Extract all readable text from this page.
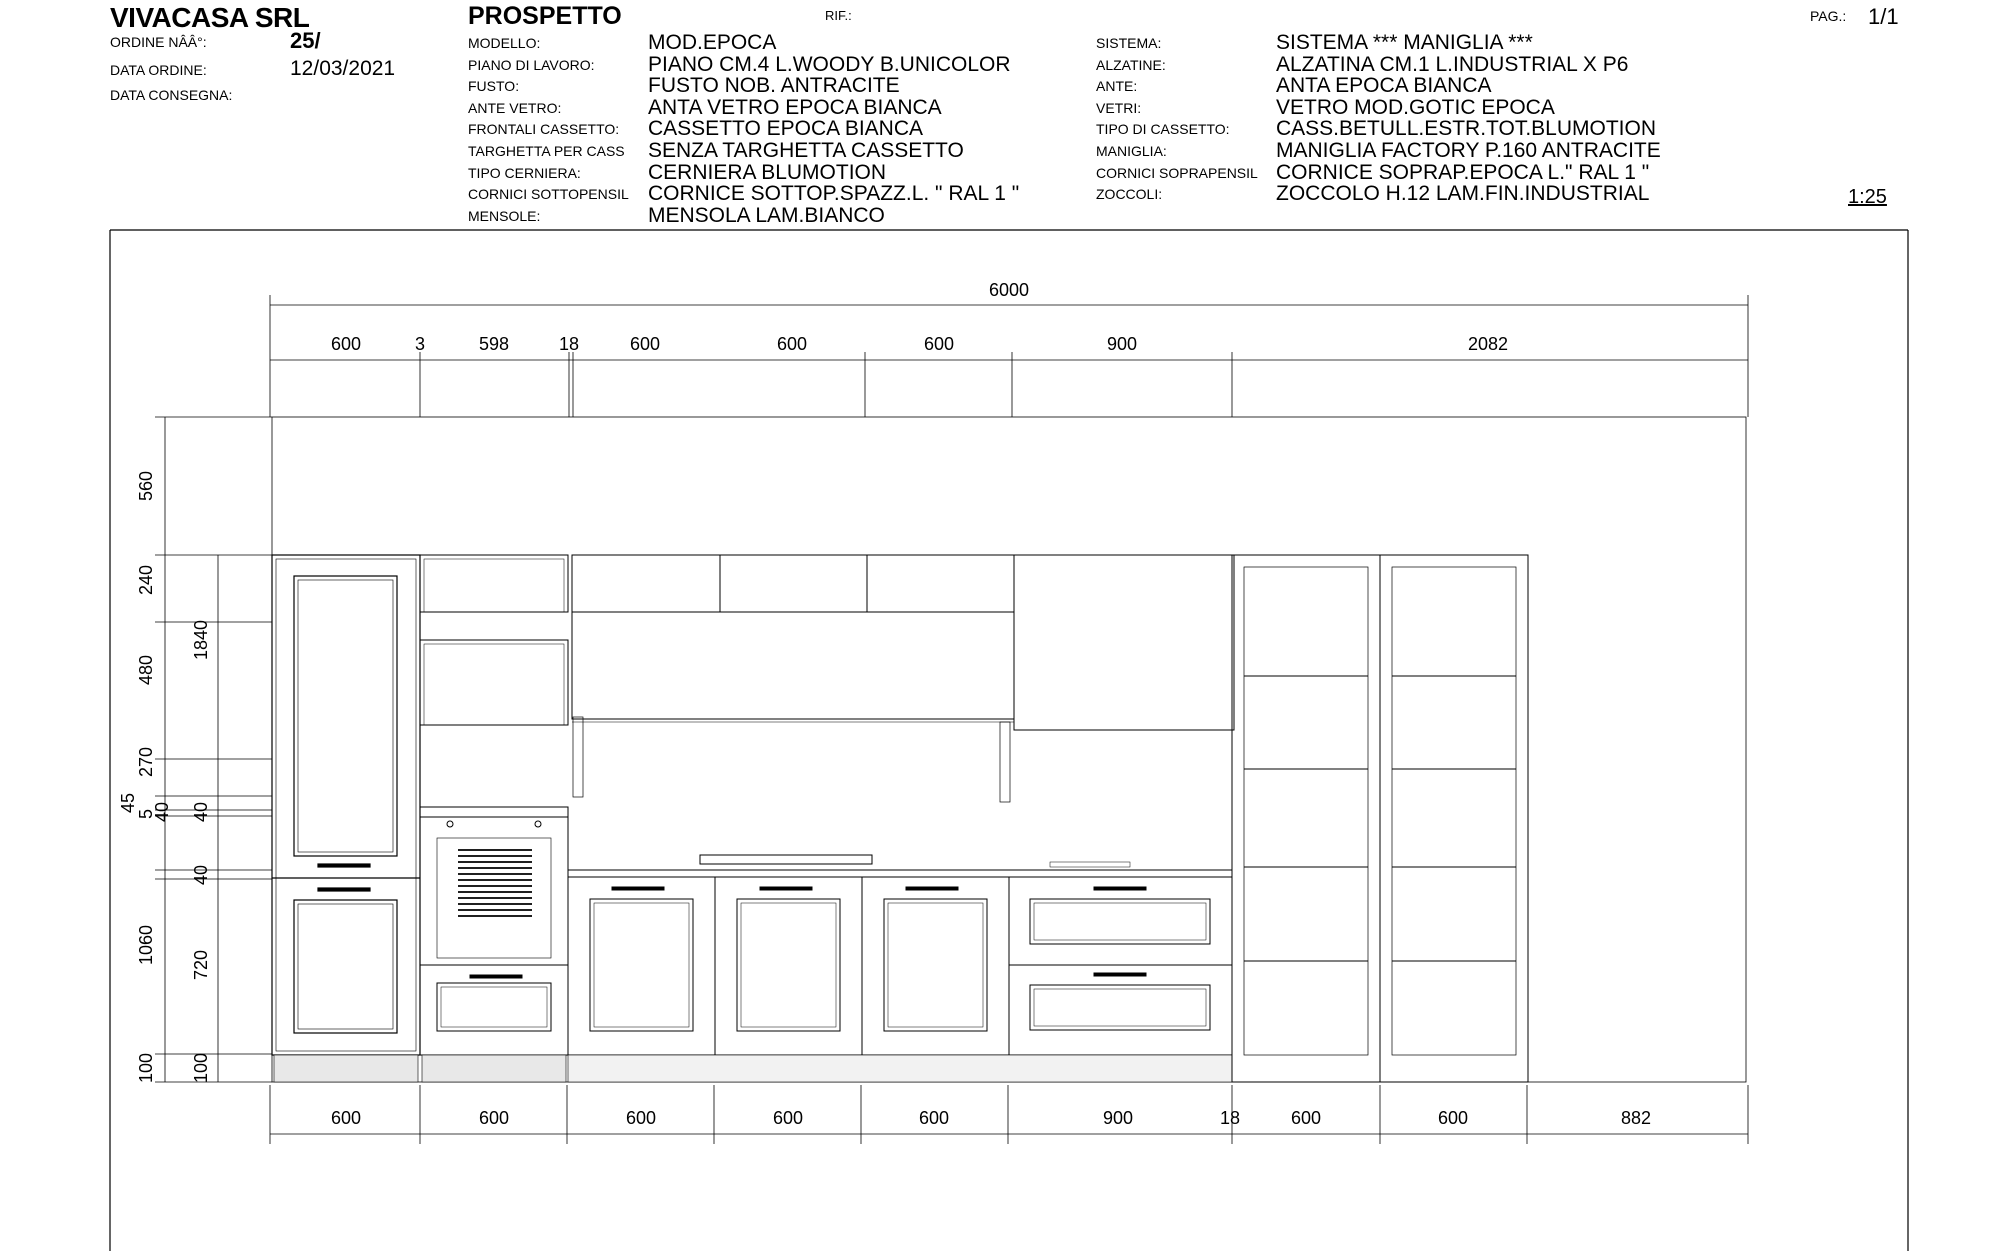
VIVACASA SRL	PROSPETTO	RIF.:	PAG.: 1/1
ORDINE NÂÂ°:	25/
DATA ORDINE:	12/03/2021
DATA CONSEGNA:
MODELLO:	MOD.EPOCA
PIANO DI LAVORO:	PIANO CM.4 L.WOODY B.UNICOLOR
FUSTO:	FUSTO NOB. ANTRACITE
ANTE VETRO:	ANTA VETRO EPOCA BIANCA
FRONTALI CASSETTO: CASSETTO EPOCA BIANCA
TARGHETTA PER CASS SENZA TARGHETTA CASSETTO
TIPO CERNIERA:	CERNIERA BLUMOTION
CORNICI SOTTOPENSIL CORNICE SOTTOP.SPAZZ.L. " RAL 1 "
MENSOLE:	MENSOLA LAM.BIANCO
SISTEMA:	SISTEMA *** MANIGLIA ***
ALZATINE:	ALZATINA CM.1 L.INDUSTRIAL X P6
ANTE:	ANTA EPOCA BIANCA
VETRI:	VETRO MOD.GOTIC EPOCA
TIPO DI CASSETTO: CASS.BETULL.ESTR.TOT.BLUMOTION
MANIGLIA:	MANIGLIA FACTORY P.160 ANTRACITE
CORNICI SOPRAPENSIL CORNICE SOPRAP.EPOCA L." RAL 1 "
ZOCCOLI:	ZOCCOLO H.12 LAM.FIN.INDUSTRIAL	1:25
6000
600	3	598	18	600	600	600	900	2082
600	600	600	600	600	900	18	600	600	882
560
240
480
270
45
5
40
1060
100
1840
40
40
720
100
